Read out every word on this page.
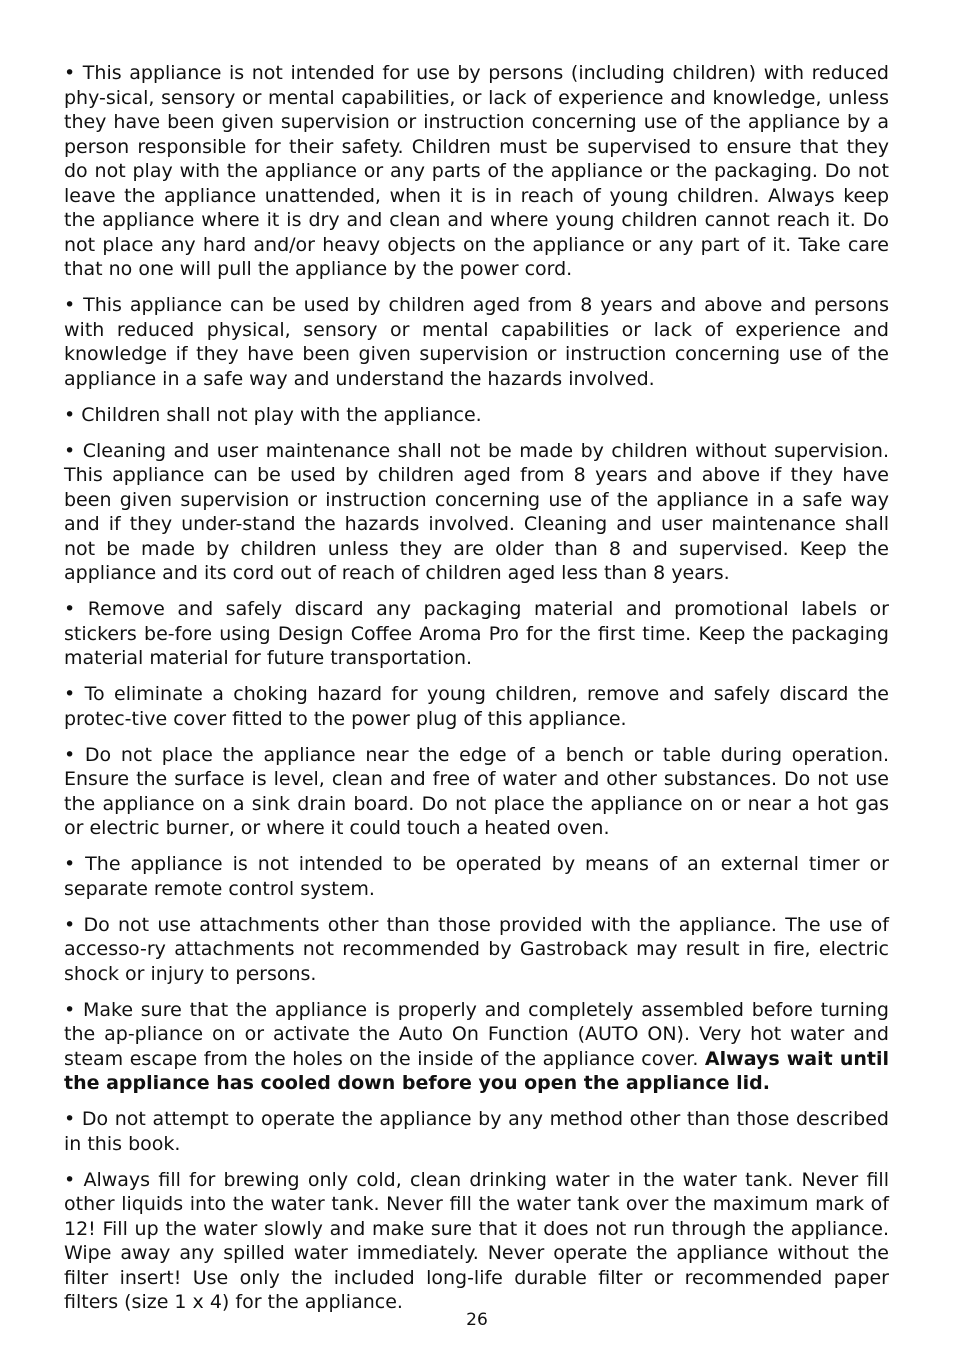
• This appliance is not intended for use by persons (including children) with reduced phy-sical, sensory or mental capabilities, or lack of experience and knowledge, unless they have been given supervision or instruction concerning use of the appliance by a person responsible for their safety. Children must be supervised to ensure that they do not play with the appliance or any parts of the appliance or the packaging. Do not leave the appliance unattended, when it is in reach of young children. Always keep the appliance where it is dry and clean and where young children cannot reach it. Do not place any hard and/or heavy objects on the appliance or any part of it. Take care that no one will pull the appliance by the power cord.

• This appliance can be used by children aged from 8 years and above and persons with reduced physical, sensory or mental capabilities or lack of experience and knowledge if they have been given supervision or instruction concerning use of the appliance in a safe way and understand the hazards involved.

• Children shall not play with the appliance.

• Cleaning and user maintenance shall not be made by children without supervision. This appliance can be used by children aged from 8 years and above if they have been given supervision or instruction concerning use of the appliance in a safe way and if they under-stand the hazards involved. Cleaning and user maintenance shall not be made by children unless they are older than 8 and supervised. Keep the appliance and its cord out of reach of children aged less than 8 years.

• Remove and safely discard any packaging material and promotional labels or stickers be-fore using Design Coffee Aroma Pro for the first time. Keep the packaging material material for future transportation.

• To eliminate a choking hazard for young children, remove and safely discard the protec-tive cover fitted to the power plug of this appliance.

• Do not place the appliance near the edge of a bench or table during operation. Ensure the surface is level, clean and free of water and other substances. Do not use the appliance on a sink drain board. Do not place the appliance on or near a hot gas or electric burner, or where it could touch a heated oven.

• The appliance is not intended to be operated by means of an external timer or separate remote control system.

• Do not use attachments other than those provided with the appliance. The use of accesso-ry attachments not recommended by Gastroback may result in fire, electric shock or injury to persons.

• Make sure that the appliance is properly and completely assembled before turning the ap-pliance on or activate the Auto On Function (AUTO ON). Very hot water and steam escape from the holes on the inside of the appliance cover. Always wait until the appliance has cooled down before you open the appliance lid.

• Do not attempt to operate the appliance by any method other than those described in this book.

• Always fill for brewing only cold, clean drinking water in the water tank. Never fill other liquids into the water tank. Never fill the water tank over the maximum mark of 12! Fill up the water slowly and make sure that it does not run through the appliance. Wipe away any spilled water immediately. Never operate the appliance without the filter insert! Use only the included long-life durable filter or recommended paper filters (size 1 x 4) for the appliance.

26
